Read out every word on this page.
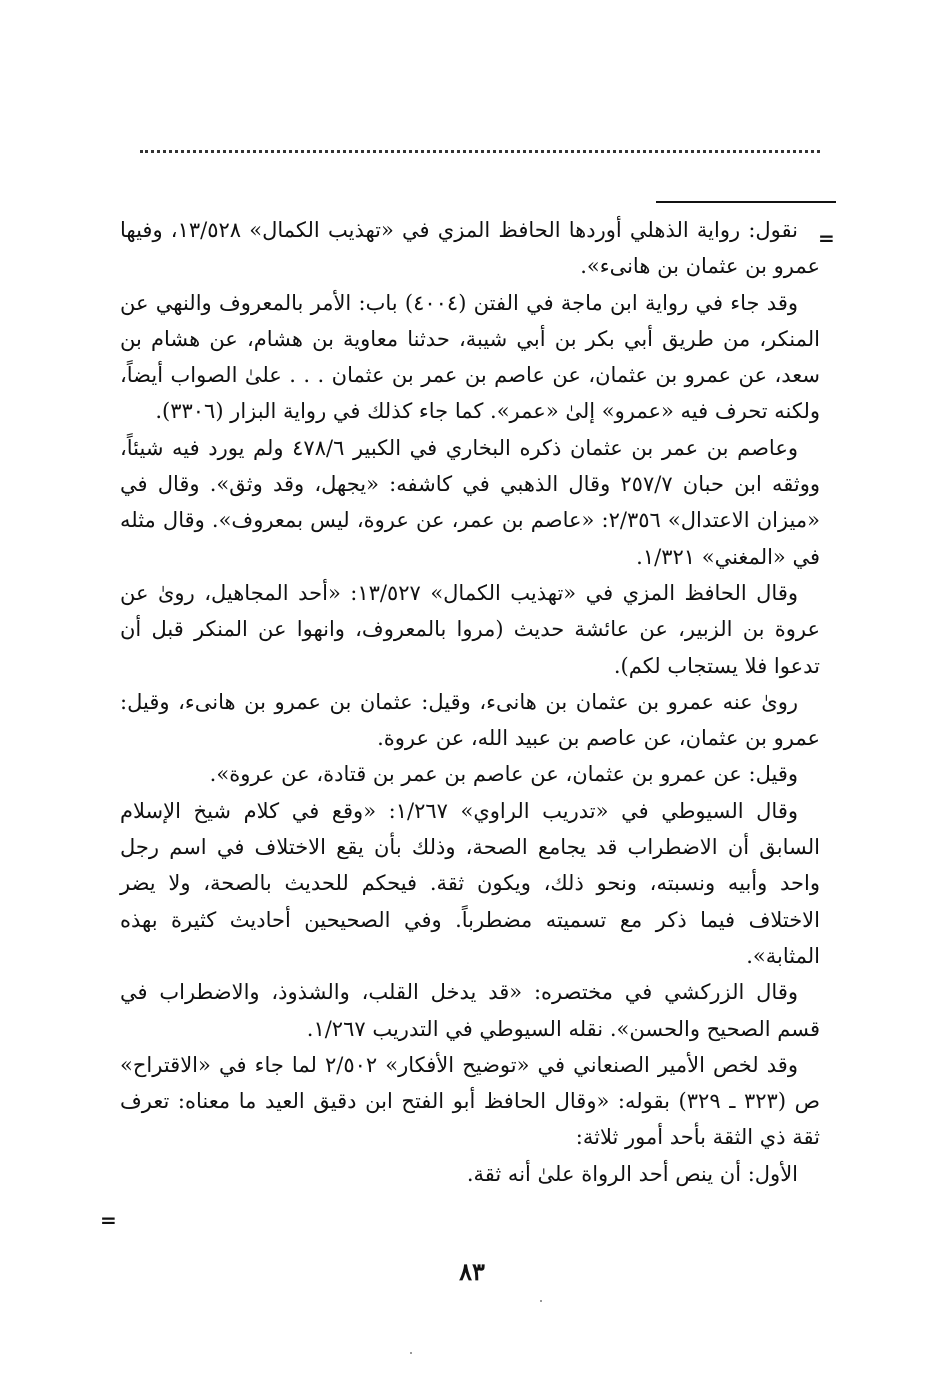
=
=

نقول: رواية الذهلي أوردها الحافظ المزي في «تهذيب الكمال» ١٣/٥٢٨، وفيها عمرو بن عثمان بن هانىء».

وقد جاء في رواية ابن ماجة في الفتن (٤٠٠٤) باب: الأمر بالمعروف والنهي عن المنكر، من طريق أبي بكر بن أبي شيبة، حدثنا معاوية بن هشام، عن هشام بن سعد، عن عمرو بن عثمان، عن عاصم بن عمر بن عثمان . . . علىٰ الصواب أيضاً، ولكنه تحرف فيه «عمرو» إلىٰ «عمر». كما جاء كذلك في رواية البزار (٣٣٠٦).

وعاصم بن عمر بن عثمان ذكره البخاري في الكبير ٤٧٨/٦ ولم يورد فيه شيئاً، ووثقه ابن حبان ٢٥٧/٧ وقال الذهبي في كاشفه: «يجهل، وقد وثق». وقال في «ميزان الاعتدال» ٢/٣٥٦: «عاصم بن عمر، عن عروة، ليس بمعروف». وقال مثله في «المغني» ١/٣٢١.

وقال الحافظ المزي في «تهذيب الكمال» ١٣/٥٢٧: «أحد المجاهيل، روىٰ عن عروة بن الزبير، عن عائشة حديث (مروا بالمعروف، وانهوا عن المنكر قبل أن تدعوا فلا يستجاب لكم).

روىٰ عنه عمرو بن عثمان بن هانىء، وقيل: عثمان بن عمرو بن هانىء، وقيل: عمرو بن عثمان، عن عاصم بن عبيد الله، عن عروة.

وقيل: عن عمرو بن عثمان، عن عاصم بن عمر بن قتادة، عن عروة».

وقال السيوطي في «تدريب الراوي» ١/٢٦٧: «وقع في كلام شيخ الإسلام السابق أن الاضطراب قد يجامع الصحة، وذلك بأن يقع الاختلاف في اسم رجل واحد وأبيه ونسبته، ونحو ذلك، ويكون ثقة. فيحكم للحديث بالصحة، ولا يضر الاختلاف فيما ذكر مع تسميته مضطرباً. وفي الصحيحين أحاديث كثيرة بهذه المثابة».

وقال الزركشي في مختصره: «قد يدخل القلب، والشذوذ، والاضطراب في قسم الصحيح والحسن». نقله السيوطي في التدريب ١/٢٦٧.

وقد لخص الأمير الصنعاني في «توضيح الأفكار» ٢/٥٠٢ لما جاء في «الاقتراح» ص (٣٢٣ ـ ٣٢٩) بقوله: «وقال الحافظ أبو الفتح ابن دقيق العيد ما معناه: تعرف ثقة ذي الثقة بأحد أمور ثلاثة:

الأول: أن ينص أحد الرواة علىٰ أنه ثقة.

٨٣
